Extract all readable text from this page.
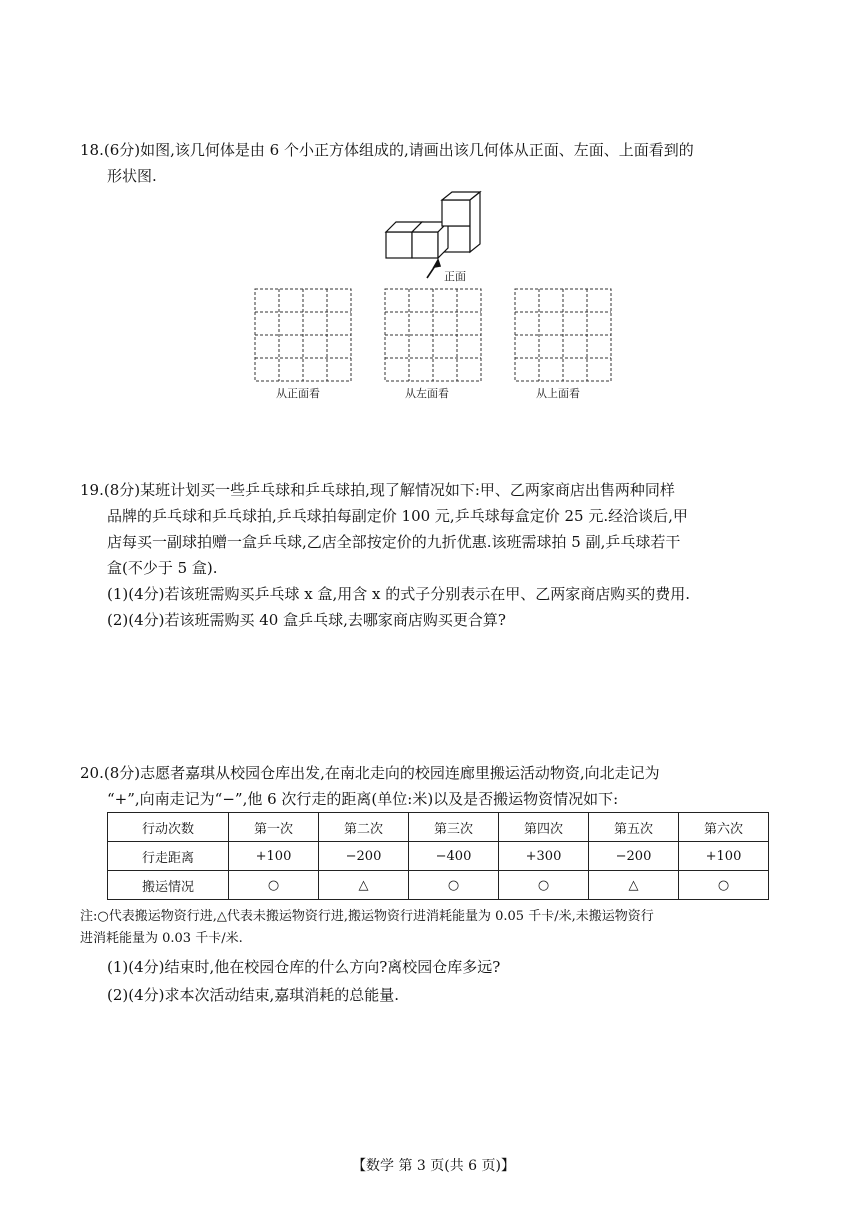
18.(6分)如图,该几何体是由 6 个小正方体组成的,请画出该几何体从正面、左面、上面看到的

形状图.

正面
从正面看	从左面看	从上面看

19.(8分)某班计划买一些乒乓球和乒乓球拍,现了解情况如下:甲、乙两家商店出售两种同样

品牌的乒乓球和乒乓球拍,乒乓球拍每副定价 100 元,乒乓球每盒定价 25 元.经洽谈后,甲

店每买一副球拍赠一盒乒乓球,乙店全部按定价的九折优惠.该班需球拍 5 副,乒乓球若干

盒(不少于 5 盒).

(1)(4分)若该班需购买乒乓球 x 盒,用含 x 的式子分别表示在甲、乙两家商店购买的费用.

(2)(4分)若该班需购买 40 盒乒乓球,去哪家商店购买更合算?

20.(8分)志愿者嘉琪从校园仓库出发,在南北走向的校园连廊里搬运活动物资,向北走记为

“+”,向南走记为“−”,他 6 次行走的距离(单位:米)以及是否搬运物资情况如下:

行动次数	第一次	第二次	第三次	第四次	第五次	第六次
行走距离	+100	−200	−400	+300	−200	+100
搬运情况	○	△	○	○	△	○
注:○代表搬运物资行进,△代表未搬运物资行进,搬运物资行进消耗能量为 0.05 千卡/米,未搬运物资行
进消耗能量为 0.03 千卡/米.
(1)(4分)结束时,他在校园仓库的什么方向?离校园仓库多远?
(2)(4分)求本次活动结束,嘉琪消耗的总能量.
【数学 第 3 页(共 6 页)】
